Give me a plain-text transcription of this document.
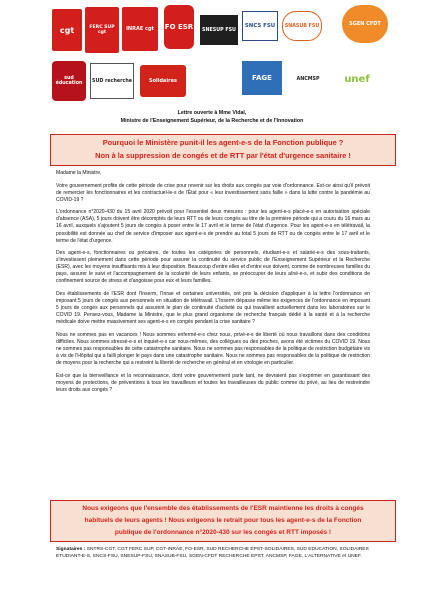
cgt	FERC SUP cgt
INRAE cgt FO ESR SNESUP FSU
SNCS FSU SNASUB FSU	SGEN CFDT
sud éducation	SUD recherche	Solidaires	FAGE	ANCMSP unef
Lettre ouverte à Mme Vidal,
Ministre de l'Enseignement Supérieur, de la Recherche et de l'Innovation
Pourquoi le Ministère punit-il les agent-e-s de la Fonction publique ?
Non à la suppression de congés et de RTT par l'état d'urgence sanitaire !

Madame la Ministre,

Votre gouvernement profite de cette période de crise pour revenir sur les droits aux congés par voie d'ordonnance. Est-ce ainsi qu'il prévoit de remercier les fonctionnaires et les contractuel-le-s de l'État pour « leur investissement sans faille » dans la lutte contre la pandémie au COVID-19 ?

L'ordonnance n°2020-430 du 15 avril 2020 prévoit pour l'essentiel deux mesures : pour les agent-e-s placé-e-s en autorisation spéciale d'absence (ASA), 5 jours doivent être décomptés de leurs RTT ou de leurs congés au titre de la première période qui a couru du 16 mars au 16 avril, auxquels s'ajoutent 5 jours de congés à poser entre le 17 avril et le terme de l'état d'urgence. Pour les agent-e-s en télétravail, la possibilité est donnée au chef de service d'imposer aux agent-e-s de prendre au total 5 jours de RTT ou de congés entre le 17 avril et le terme de l'état d'urgence.

Des agent-e-s, fonctionnaires ou précaires, de toutes les catégories de personnels, étudiant-e-s et salarié-e-s des sous-traitants, s'investissent pleinement dans cette période pour assurer la continuité du service public de l'Enseignement Supérieur et la Recherche (ESR), avec les moyens insuffisants mis à leur disposition. Beaucoup d'entre elles et d'entre eux doivent, comme de nombreuses familles du pays, assurer le suivi et l'accompagnement de la scolarité de leurs enfants, se préoccuper de leurs aîné-e-s, et subir des conditions de confinement source de stress et d'angoisse pour eux et leurs familles.

Des établissements de l'ESR dont l'Inserm, l'Inrae et certaines universités, ont pris la décision d'appliquer à la lettre l'ordonnance en imposant 5 jours de congés aux personnels en situation de télétravail. L'Inserm dépasse même les exigences de l'ordonnance en imposant 5 jours de congés aux personnels qui assurent le plan de continuité d'activité ou qui travaillent actuellement dans les laboratoires sur le COVID 19. Pensez-vous, Madame la Ministre, que le plus grand organisme de recherche français dédié à la santé et à la recherche médicale doive mettre massivement ses agent-e-s en congés pendant la crise sanitaire ?

Nous ne sommes pas en vacances ! Nous sommes enfermé-e-s chez nous, privé-e-s de liberté où nous travaillons dans des conditions difficiles. Nous sommes stressé-e-s et inquiet-e-s car nous-mêmes, des collègues ou des proches, avons été victimes du COVID 19. Nous ne sommes pas responsables de cette catastrophe sanitaire. Nous ne sommes pas responsables de la politique de restriction budgétaire vis à vis de l'Hôpital qui a failli plonger le pays dans une catastrophe sanitaire. Nous ne sommes pas responsables de la politique de restriction de moyens pour la recherche qui a restreint la liberté de recherche en général et en virologie en particulier.

Est-ce que la bienveillance et la reconnaissance, dont votre gouvernement parle tant, ne devraient pas s'exprimer en garantissant des moyens de protections, de préventions à tous les travailleurs et toutes les travailleuses du public comme du privé, au lieu de restreindre leurs droits aux congés ?

Nous exigeons que l'ensemble des établissements de l'ESR maintienne les droits à congés
habituels de leurs agents ! Nous exigeons le retrait pour tous les agent-e-s de la Fonction
publique de l'ordonnance n°2020-430 sur les congés et RTT imposés !
Signataires : SNTRS-CGT, CGT FERC SUP, CGT-INRAE, FO-ESR, SUD RECHERCHE EPST-SOLIDAIRES, SUD EDUCATION, SOLIDAIRES ETUDIANT-E-S, SNCS-FSU, SNESUP-FSU, SNASUB-FSU, SGEN-CFDT RECHERCHE EPST, ANCMSP, FAGE, L'ALTERNATIVE et UNEF.
